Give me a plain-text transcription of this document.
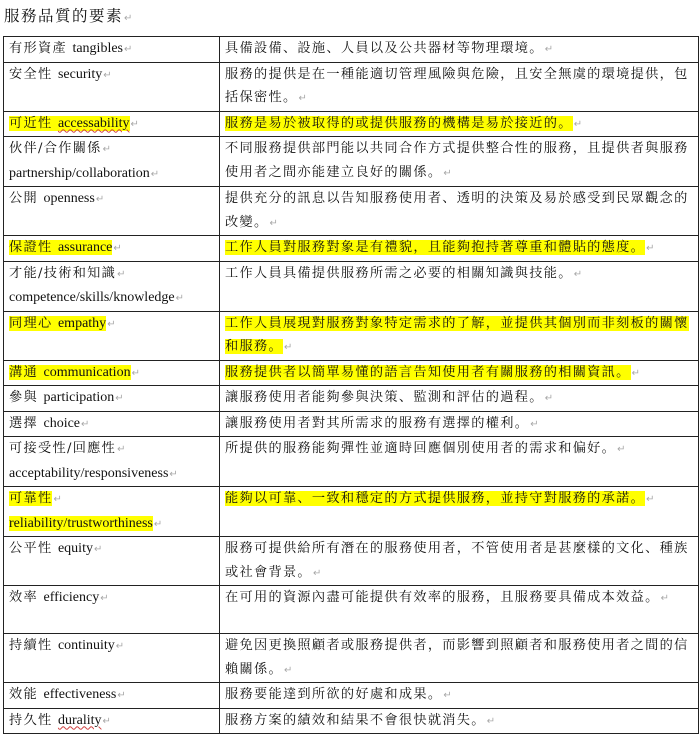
服務品質的要素↵
有形資產 tangibles↵	具備設備、設施、人員以及公共器材等物理環境。↵

安全性 security↵	服務的提供是在一種能適切管理風險與危險，且安全無虞的環境提供，包括保密性。↵

可近性 accessability↵	服務是易於被取得的或提供服務的機構是易於接近的。↵

伙伴/合作關係↵
partnership/collaboration↵	不同服務提供部門能以共同合作方式提供整合性的服務，且提供者與服務使用者之間亦能建立良好的關係。↵

公開 openness↵	提供充分的訊息以告知服務使用者、透明的決策及易於感受到民眾觀念的改變。↵

保證性 assurance↵	工作人員對服務對象是有禮貌，且能夠抱持著尊重和體貼的態度。↵

才能/技術和知識↵
competence/skills/knowledge↵	工作人員具備提供服務所需之必要的相關知識與技能。↵

同理心 empathy↵	工作人員展現對服務對象特定需求的了解，並提供其個別而非刻板的關懷和服務。↵

溝通 communication↵	服務提供者以簡單易懂的語言告知使用者有關服務的相關資訊。↵

參與 participation↵	讓服務使用者能夠參與決策、監測和評估的過程。↵

選擇 choice↵	讓服務使用者對其所需求的服務有選擇的權利。↵

可接受性/回應性↵
acceptability/responsiveness↵	所提供的服務能夠彈性並適時回應個別使用者的需求和偏好。↵

可靠性↵
reliability/trustworthiness↵	能夠以可靠、一致和穩定的方式提供服務，並持守對服務的承諾。↵

公平性 equity↵	服務可提供給所有潛在的服務使用者，不管使用者是甚麼樣的文化、種族或社會背景。↵

效率 efficiency↵	在可用的資源內盡可能提供有效率的服務，且服務要具備成本效益。↵

持續性 continuity↵	避免因更換照顧者或服務提供者，而影響到照顧者和服務使用者之間的信賴關係。↵

效能 effectiveness↵	服務要能達到所欲的好處和成果。↵

持久性 durality↵	服務方案的績效和結果不會很快就消失。↵
